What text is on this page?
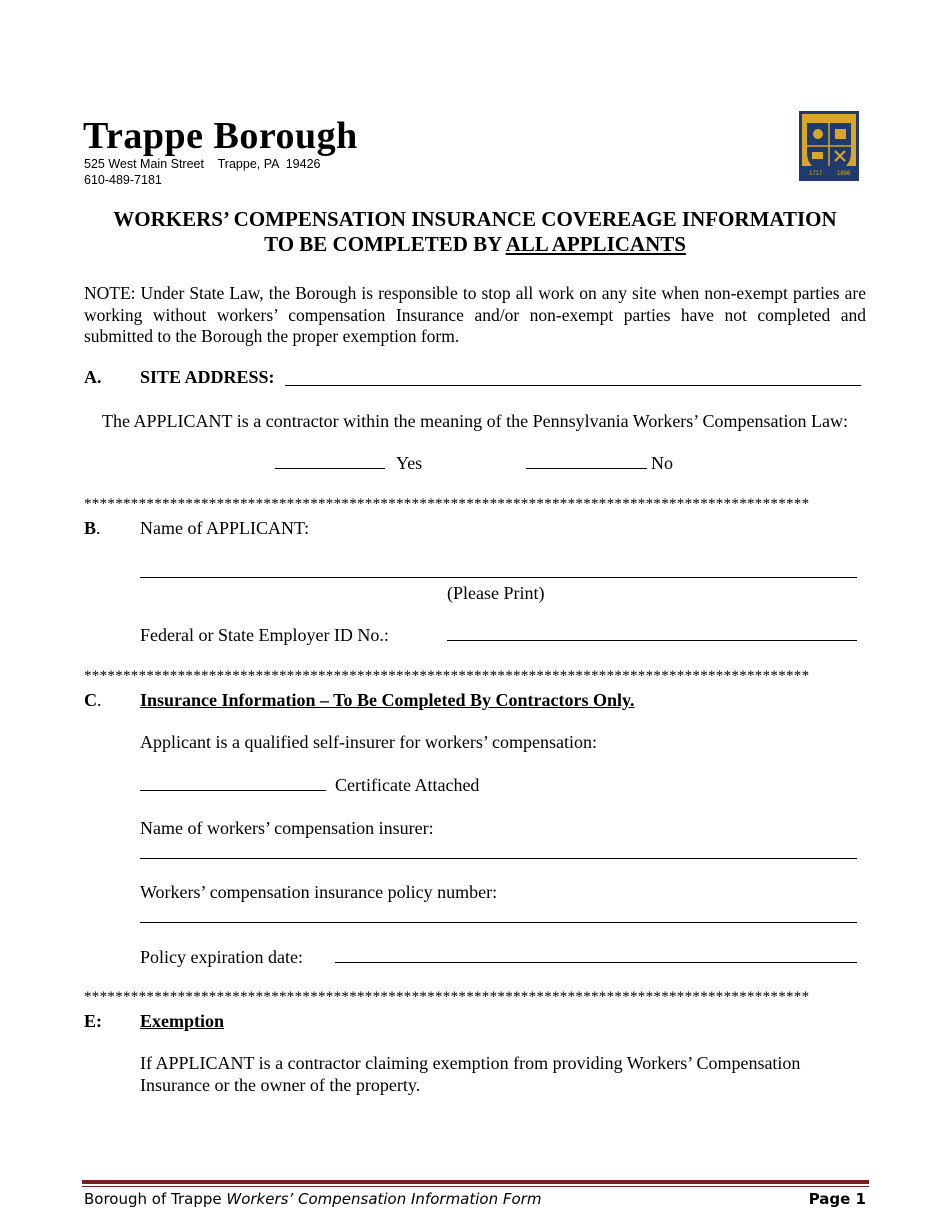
Trappe Borough
525 West Main Street    Trappe, PA  19426
610-489-7181	1717 1896
WORKERS’ COMPENSATION INSURANCE COVEREAGE INFORMATION
TO BE COMPLETED BY ALL APPLICANTS
NOTE: Under State Law, the Borough is responsible to stop all work on any site when non-exempt parties are working without workers’ compensation Insurance and/or non-exempt parties have not completed and submitted to the Borough the proper exemption form.
A. SITE ADDRESS:
The APPLICANT is a contractor within the meaning of the Pennsylvania Workers’ Compensation Law:
Yes	No
*********************************************************************************************
B. Name of APPLICANT:
(Please Print)
Federal or State Employer ID No.:
*********************************************************************************************
C. Insurance Information – To Be Completed By Contractors Only.
Applicant is a qualified self-insurer for workers’ compensation:
Certificate Attached
Name of workers’ compensation insurer:
Workers’ compensation insurance policy number:
Policy expiration date:
*********************************************************************************************
E: Exemption
If APPLICANT is a contractor claiming exemption from providing Workers’ Compensation
Insurance or the owner of the property.
Borough of Trappe Workers’ Compensation Information Form	Page 1
